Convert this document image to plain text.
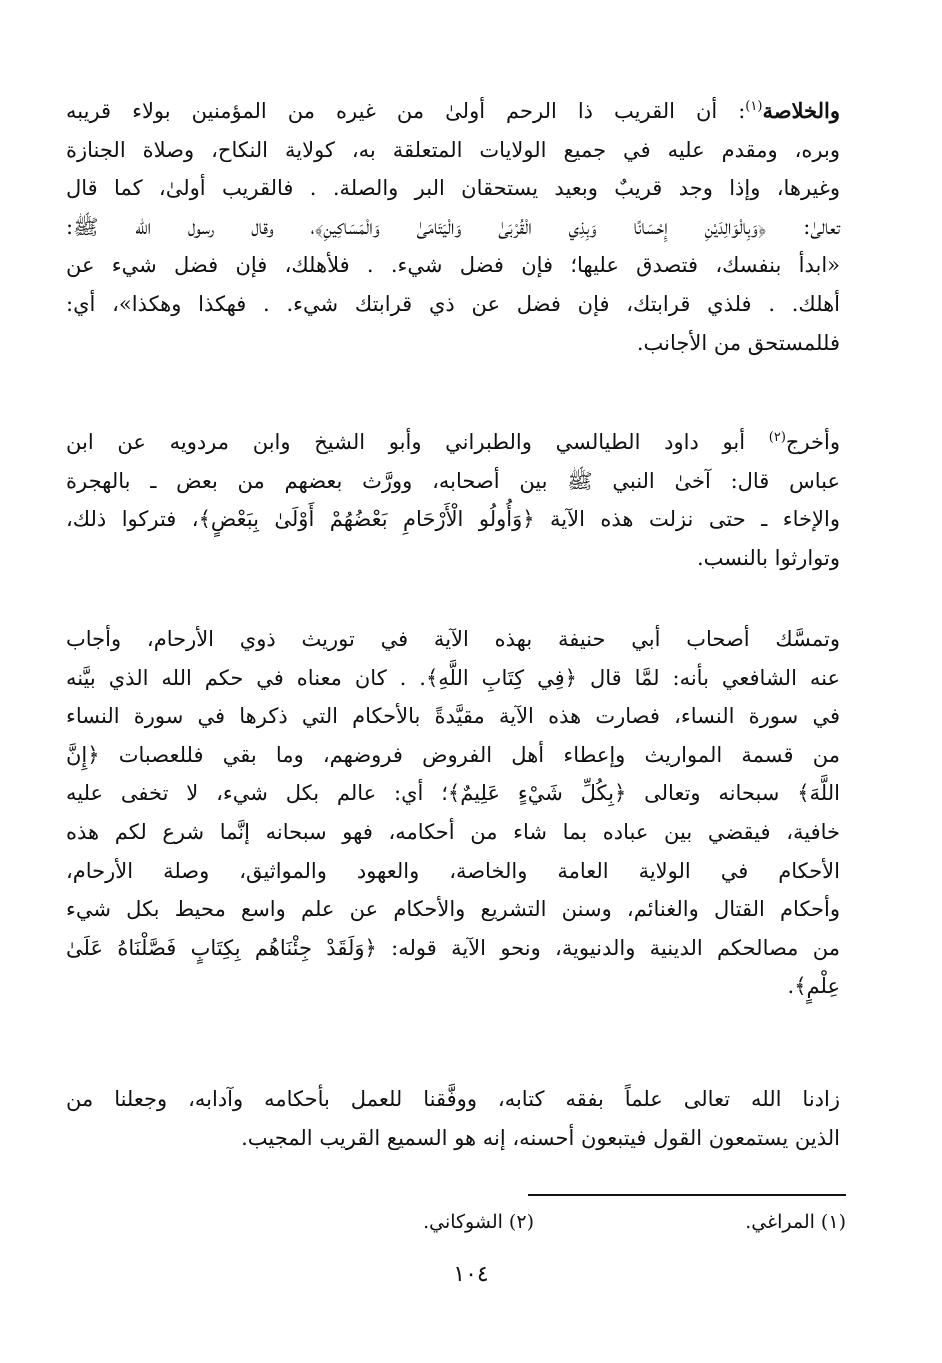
والخلاصة$^{(١)}$: أن القريب ذا الرحم أولىٰ من غيره من المؤمنين بولاء قريبه
وبره، ومقدم عليه في جميع الولايات المتعلقة به، كولاية النكاح، وصلاة الجنازة
وغيرها، وإذا وجد قريبٌ وبعيد يستحقان البر والصلة. . فالقريب أولىٰ، كما قال
تعالىٰ: ﴿وَبِالْوَالِدَيْنِ إِحْسَانًا وَبِذِي الْقُرْبَىٰ وَالْيَتَامَىٰ وَالْمَسَاكِينِ﴾، وقال رسول الله ﷺ:
«ابدأ بنفسك، فتصدق عليها؛ فإن فضل شيء. . فلأهلك، فإن فضل شيء عن
أهلك. . فلذي قرابتك، فإن فضل عن ذي قرابتك شيء. . فهكذا وهكذا»، أي:
فللمستحق من الأجانب.
وأخرج$^{(٢)}$ أبو داود الطيالسي والطبراني وأبو الشيخ وابن مردويه عن ابن
عباس قال: آخىٰ النبي ﷺ بين أصحابه، وورَّث بعضهم من بعض ـ بالهجرة
والإخاء ـ حتى نزلت هذه الآية ﴿وَأُولُو الْأَرْحَامِ بَعْضُهُمْ أَوْلَىٰ بِبَعْضٍ﴾، فتركوا ذلك،
وتوارثوا بالنسب.
وتمسَّك أصحاب أبي حنيفة بهذه الآية في توريث ذوي الأرحام، وأجاب
عنه الشافعي بأنه: لمَّا قال ﴿فِي كِتَابِ اللَّهِ﴾. . كان معناه في حكم الله الذي بيَّنه
في سورة النساء، فصارت هذه الآية مقيَّدةً بالأحكام التي ذكرها في سورة النساء
من قسمة المواريث وإعطاء أهل الفروض فروضهم، وما بقي فللعصبات ﴿إِنَّ
اللَّهَ﴾ سبحانه وتعالى ﴿بِكُلِّ شَيْءٍ عَلِيمٌ﴾؛ أي: عالم بكل شيء، لا تخفى عليه
خافية، فيقضي بين عباده بما شاء من أحكامه، فهو سبحانه إنَّما شرع لكم هذه
الأحكام في الولاية العامة والخاصة، والعهود والمواثيق، وصلة الأرحام،
وأحكام القتال والغنائم، وسنن التشريع والأحكام عن علم واسع محيط بكل شيء
من مصالحكم الدينية والدنيوية، ونحو الآية قوله: ﴿وَلَقَدْ جِئْنَاهُم بِكِتَابٍ فَصَّلْنَاهُ عَلَىٰ
عِلْمٍ﴾.
زادنا الله تعالى علماً بفقه كتابه، ووفَّقنا للعمل بأحكامه وآدابه، وجعلنا من
الذين يستمعون القول فيتبعون أحسنه، إنه هو السميع القريب المجيب.
(١) المراغي.(٢) الشوكاني.
١٠٤
